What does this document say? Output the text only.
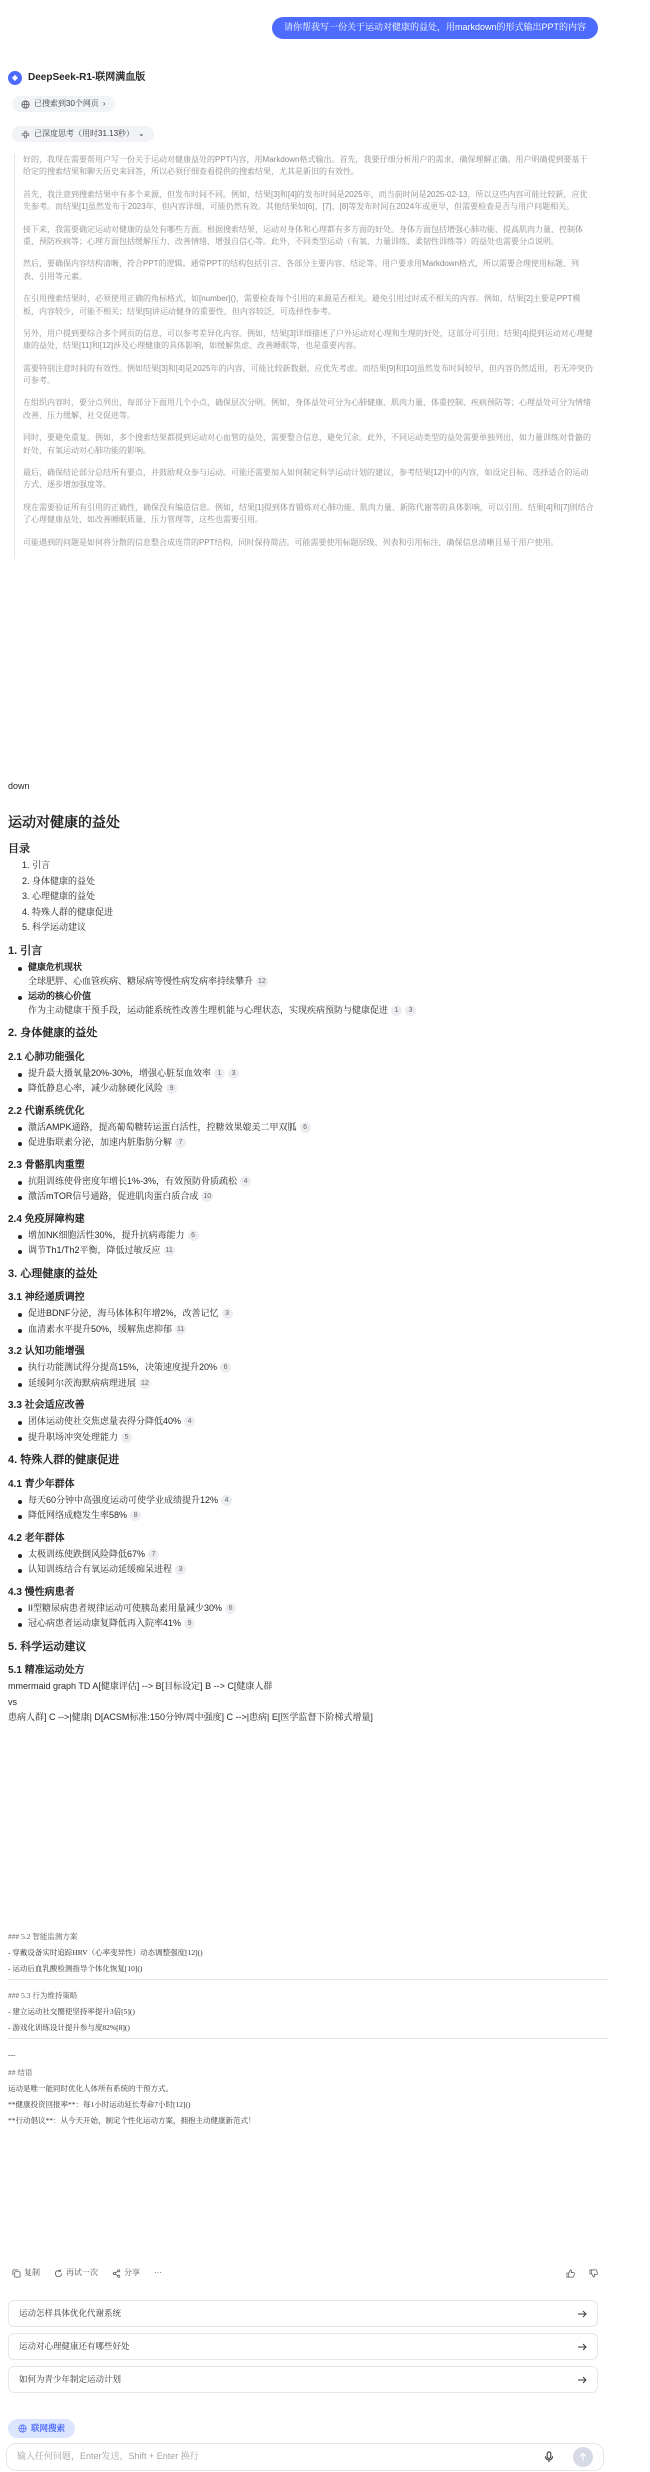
请你帮我写一份关于运动对健康的益处，用markdown的形式输出PPT的内容
◆ DeepSeek-R1-联网满血版
已搜索到30个网页 ›
已深度思考（用时31.13秒） ⌄

好的，我现在需要帮用户写一份关于运动对健康益处的PPT内容，用Markdown格式输出。首先，我要仔细分析用户的需求，确保理解正确。用户明确提到要基于给定的搜索结果和聊天历史来回答，所以必须仔细查看提供的搜索结果，尤其是新旧的有效性。

首先，我注意到搜索结果中有多个来源，但发布时间不同。例如，结果[3]和[4]的发布时间是2025年，而当前时间是2025-02-13，所以这些内容可能比较新，应优先参考。而结果[1]虽然发布于2023年，但内容详细，可能仍然有效。其他结果如[6]、[7]、[8]等发布时间在2024年或更早，但需要检查是否与用户问题相关。

接下来，我需要确定运动对健康的益处有哪些方面。根据搜索结果，运动对身体和心理都有多方面的好处。身体方面包括增强心肺功能、提高肌肉力量、控制体重、预防疾病等；心理方面包括缓解压力、改善情绪、增强自信心等。此外，不同类型运动（有氧、力量训练、柔韧性训练等）的益处也需要分点说明。

然后，要确保内容结构清晰，符合PPT的逻辑。通常PPT的结构包括引言、各部分主要内容、结论等。用户要求用Markdown格式，所以需要合理使用标题、列表、引用等元素。

在引用搜索结果时，必须使用正确的角标格式，如[number]()，需要检查每个引用的来源是否相关。避免引用过时或不相关的内容。例如，结果[2]主要是PPT模板，内容较少，可能不相关；结果[5]讲运动健身的重要性，但内容较泛，可选择性参考。

另外，用户提到要综合多个网页的信息，可以参考差异化内容。例如，结果[3]详细描述了户外运动对心理和生理的好处，这部分可引用；结果[4]提到运动对心理健康的益处，结果[11]和[12]涉及心理健康的具体影响，如缓解焦虑、改善睡眠等，也是重要内容。

需要特别注意时间的有效性。例如结果[3]和[4]是2025年的内容，可能比较新数据，应优先考虑。而结果[9]和[10]虽然发布时间较早，但内容仍然适用，若无冲突仍可参考。

在组织内容时，要分点列出，每部分下面用几个小点，确保层次分明。例如，身体益处可分为心肺健康、肌肉力量、体重控制、疾病预防等；心理益处可分为情绪改善、压力缓解、社交促进等。

同时，要避免重复。例如，多个搜索结果都提到运动对心血管的益处，需要整合信息，避免冗余。此外，不同运动类型的益处需要单独列出，如力量训练对骨骼的好处，有氧运动对心肺功能的影响。

最后，确保结论部分总结所有要点，并鼓励观众参与运动。可能还需要加入如何制定科学运动计划的建议，参考结果[12]中的内容，如设定目标、选择适合的运动方式、逐步增加强度等。

现在需要验证所有引用的正确性，确保没有编造信息。例如，结果[1]提到体育锻炼对心肺功能、肌肉力量、新陈代谢等的具体影响，可以引用。结果[4]和[7]则结合了心理健康益处，如改善睡眠质量、压力管理等，这些也需要引用。

可能遇到的问题是如何将分散的信息整合成连贯的PPT结构，同时保持简洁。可能需要使用标题层级、列表和引用标注，确保信息清晰且易于用户使用。

down
运动对健康的益处
目录
1. 引言
2. 身体健康的益处
3. 心理健康的益处
4. 特殊人群的健康促进
5. 科学运动建议
1. 引言
健康危机现状
全球肥胖、心血管疾病、糖尿病等慢性病发病率持续攀升 12
运动的核心价值
作为主动健康干预手段，运动能系统性改善生理机能与心理状态，实现疾病预防与健康促进 1 3
2. 身体健康的益处
2.1 心肺功能强化
提升最大摄氧量20%-30%，增强心脏泵血效率 1 3
降低静息心率，减少动脉硬化风险 9
2.2 代谢系统优化
激活AMPK通路，提高葡萄糖转运蛋白活性，控糖效果媲美二甲双胍 6
促进脂联素分泌，加速内脏脂肪分解 7
2.3 骨骼肌肉重塑
抗阻训练使骨密度年增长1%-3%，有效预防骨质疏松 4
激活mTOR信号通路，促进肌肉蛋白质合成 10
2.4 免疫屏障构建
增加NK细胞活性30%，提升抗病毒能力 6
调节Th1/Th2平衡，降低过敏反应 11
3. 心理健康的益处
3.1 神经递质调控
促进BDNF分泌，海马体体积年增2%，改善记忆 3
血清素水平提升50%，缓解焦虑抑郁 11
3.2 认知功能增强
执行功能测试得分提高15%，决策速度提升20% 6
延缓阿尔茨海默病病理进展 12
3.3 社会适应改善
团体运动使社交焦虑量表得分降低40% 4
提升职场冲突处理能力 5
4. 特殊人群的健康促进
4.1 青少年群体
每天60分钟中高强度运动可使学业成绩提升12% 4
降低网络成瘾发生率58% 8
4.2 老年群体
太极训练使跌倒风险降低67% 7
认知训练结合有氧运动延缓痴呆进程 3
4.3 慢性病患者
II型糖尿病患者规律运动可使胰岛素用量减少30% 6
冠心病患者运动康复降低再入院率41% 9
5. 科学运动建议
5.1 精准运动处方
mmermaid graph TD A[健康评估] --> B[目标设定] B --> C[健康人群
vs
患病人群] C -->|健康| D[ACSM标准:150分钟/周中强度] C -->|患病| E[医学监督下阶梯式增量]
### 5.2 智能监测方案
- 穿戴设备实时追踪HRV（心率变异性）动态调整强度[12]()
- 运动后血乳酸检测指导个体化恢复[10]()
### 5.3 行为维持策略
- 建立运动社交圈使坚持率提升3倍[5]()
- 游戏化训练设计提升参与度82%[8]()
---
## 结语
运动是唯一能同时优化人体所有系统的干预方式。
**健康投资回报率**：每1小时运动延长寿命7小时[12]()
**行动倡议**：从今天开始，制定个性化运动方案，拥抱主动健康新范式！
复制	再试一次	分享 ···
运动怎样具体优化代谢系统
运动对心理健康还有哪些好处
如何为青少年制定运动计划
联网搜索
输入任何问题，Enter发送，Shift + Enter 换行
